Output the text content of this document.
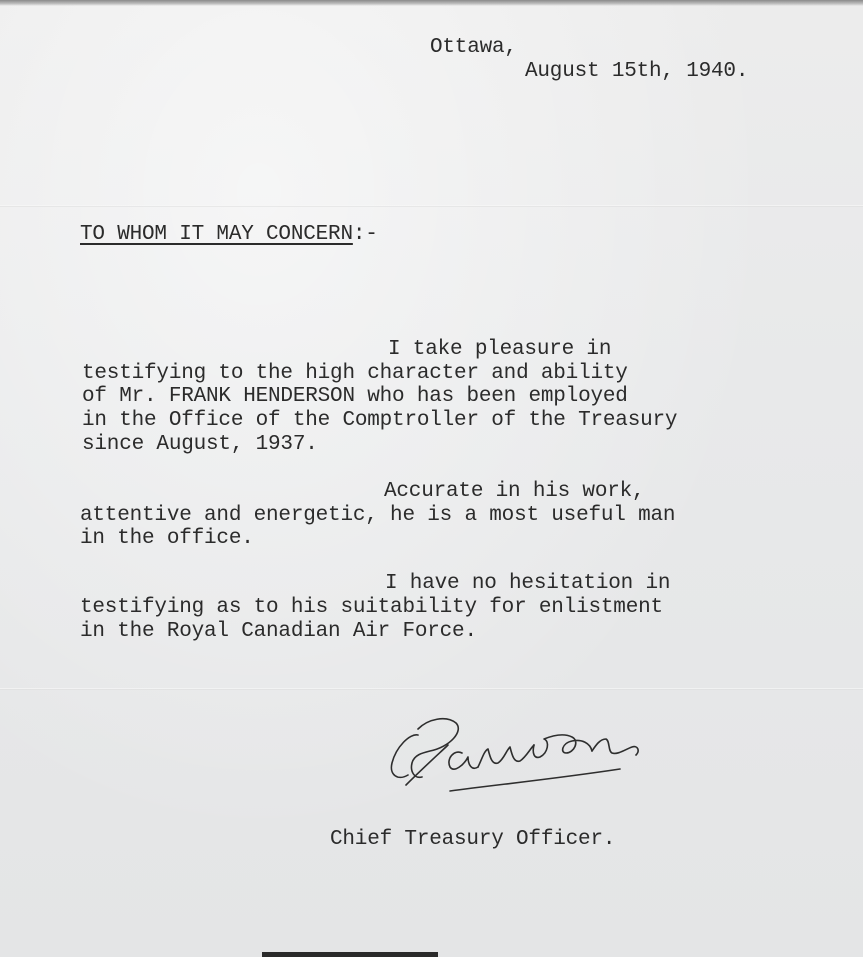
Ottawa,

August 15th, 1940.

TO WHOM IT MAY CONCERN:-

I take pleasure in

testifying to the high character and ability

of Mr. FRANK HENDERSON who has been employed

in the Office of the Comptroller of the Treasury

since August, 1937.

Accurate in his work,

attentive and energetic, he is a most useful man

in the office.

I have no hesitation in

testifying as to his suitability for enlistment

in the Royal Canadian Air Force.

Chief Treasury Officer.
